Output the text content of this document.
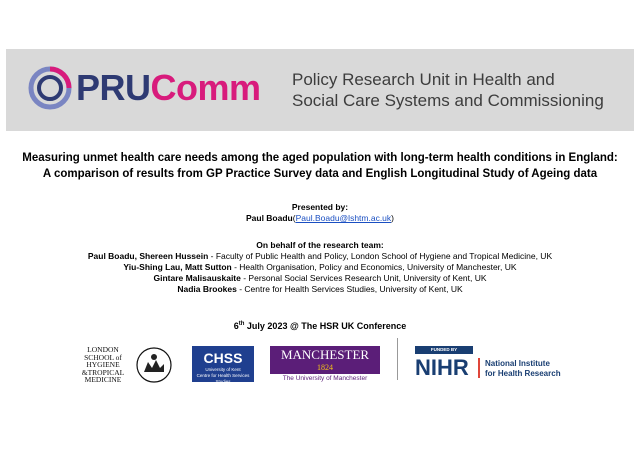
PRUComm Policy Research Unit in Health and
Social Care Systems and Commissioning
Measuring unmet health care needs among the aged population with long-term health conditions in England:
A comparison of results from GP Practice Survey data and English Longitudinal Study of Ageing data
Presented by:
Paul Boadu(Paul.Boadu@lshtm.ac.uk)
On behalf of the research team:
Paul Boadu, Shereen Hussein - Faculty of Public Health and Policy, London School of Hygiene and Tropical Medicine, UK
Yiu-Shing Lau, Matt Sutton - Health Organisation, Policy and Economics, University of Manchester, UK
Gintare Malisauskaite - Personal Social Services Research Unit, University of Kent, UK
Nadia Brookes - Centre for Health Services Studies, University of Kent, UK
6th July 2023 @ The HSR UK Conference
LONDON
SCHOOL of
HYGIENE
&TROPICAL
MEDICINE
CHSS
University of Kent
Centre for Health Services Studies
MANCHESTER
1824
The University of Manchester
FUNDED BY
NIHR National Institute
for Health Research
